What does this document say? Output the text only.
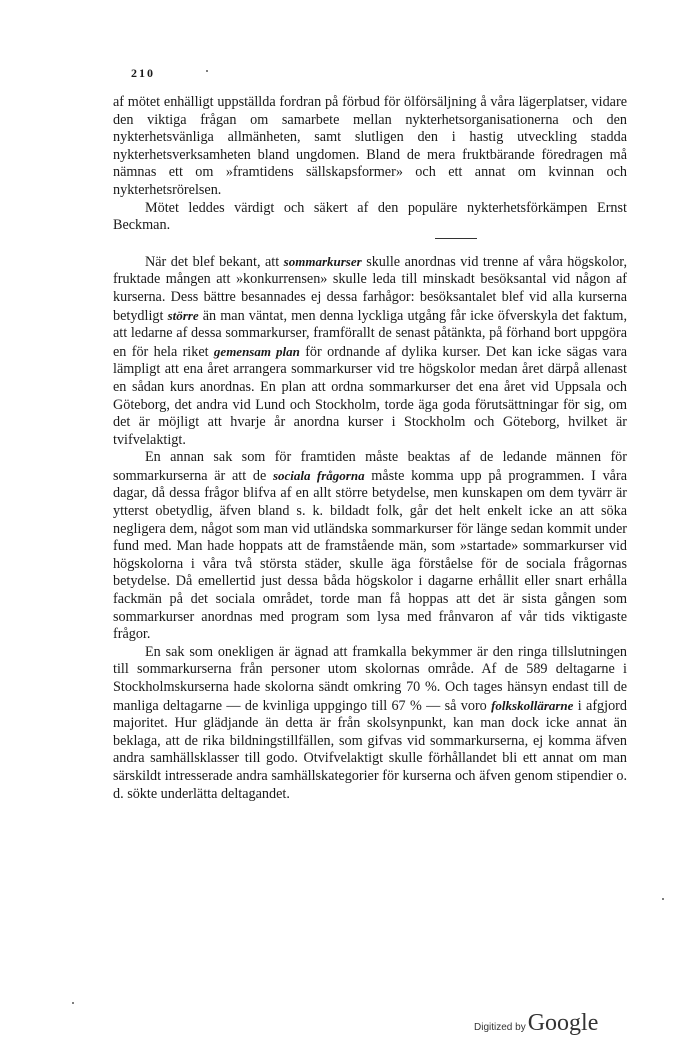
210

af mötet enhälligt uppställda fordran på förbud för ölförsäljning å våra lägerplatser, vidare den viktiga frågan om samarbete mellan nykterhetsorganisationerna och den nykterhetsvänliga allmänheten, samt slutligen den i hastig utveckling stadda nykterhetsverksamheten bland ungdomen. Bland de mera fruktbärande föredragen må nämnas ett om »framtidens sällskapsformer» och ett annat om kvinnan och nykterhetsrörelsen.

Mötet leddes värdigt och säkert af den populäre nykterhetsförkämpen Ernst Beckman.

När det blef bekant, att sommarkurser skulle anordnas vid trenne af våra högskolor, fruktade mången att »konkurrensen» skulle leda till minskadt besöksantal vid någon af kurserna. Dess bättre besannades ej dessa farhågor: besöksantalet blef vid alla kurserna betydligt större än man väntat, men denna lyckliga utgång får icke öfverskyla det faktum, att ledarne af dessa sommarkurser, framförallt de senast påtänkta, på förhand bort uppgöra en för hela riket gemensam plan för ordnande af dylika kurser. Det kan icke sägas vara lämpligt att ena året arrangera sommarkurser vid tre högskolor medan året därpå allenast en sådan kurs anordnas. En plan att ordna sommarkurser det ena året vid Uppsala och Göteborg, det andra vid Lund och Stockholm, torde äga goda förutsättningar för sig, om det är möjligt att hvarje år anordna kurser i Stockholm och Göteborg, hvilket är tvifvelaktigt.

En annan sak som för framtiden måste beaktas af de ledande männen för sommarkurserna är att de sociala frågorna måste komma upp på programmen. I våra dagar, då dessa frågor blifva af en allt större betydelse, men kunskapen om dem tyvärr är ytterst obetydlig, äfven bland s. k. bildadt folk, går det helt enkelt icke an att söka negligera dem, något som man vid utländska sommarkurser för länge sedan kommit under fund med. Man hade hoppats att de framstående män, som »startade» sommarkurser vid högskolorna i våra två största städer, skulle äga förståelse för de sociala frågornas betydelse. Då emellertid just dessa båda högskolor i dagarne erhållit eller snart erhålla fackmän på det sociala området, torde man få hoppas att det är sista gången som sommarkurser anordnas med program som lysa med frånvaron af vår tids viktigaste frågor.

En sak som onekligen är ägnad att framkalla bekymmer är den ringa tillslutningen till sommarkurserna från personer utom skolornas område. Af de 589 deltagarne i Stockholmskurserna hade skolorna sändt omkring 70 %. Och tages hänsyn endast till de manliga deltagarne — de kvinliga uppgingo till 67 % — så voro folkskollärarne i afgjord majoritet. Hur glädjande än detta är från skolsynpunkt, kan man dock icke annat än beklaga, att de rika bildningstillfällen, som gifvas vid sommarkurserna, ej komma äfven andra samhällsklasser till godo. Otvifvelaktigt skulle förhållandet bli ett annat om man särskildt intresserade andra samhällskategorier för kurserna och äfven genom stipendier o. d. sökte underlätta deltagandet.

Digitized by Google
